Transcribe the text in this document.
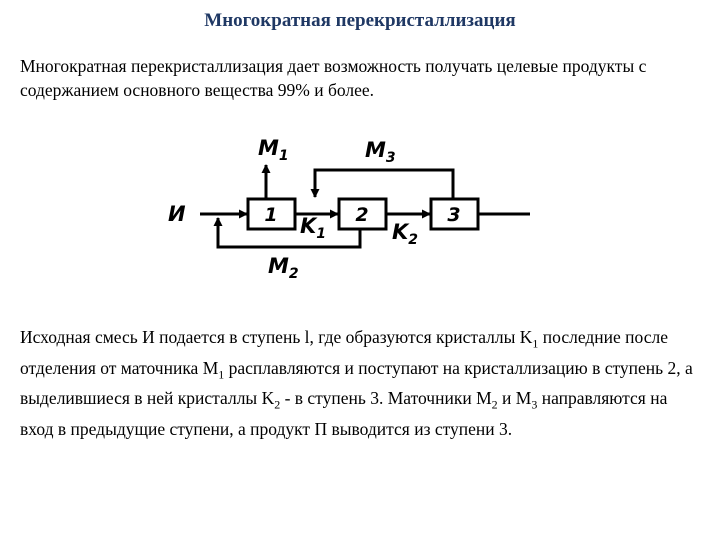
Многократная перекристаллизация

Многократная перекристаллизация дает возможность получать целевые продукты с содержанием основного вещества 99% и более.

1	2	3
И
$M_1$	$M_3$
$K_1$	$K_2$
$M_2$

Исходная смесь И подается в ступень l, где образуются кристаллы $K_1$ последние после отделения от маточника $M_1$ расплавляются и поступают на кристаллизацию в ступень 2, а выделившиеся в ней кристаллы $K_2$ - в ступень 3. Маточники $M_2$ и $M_3$ направляются на вход в предыдущие ступени, а продукт П выводится из ступени 3.
